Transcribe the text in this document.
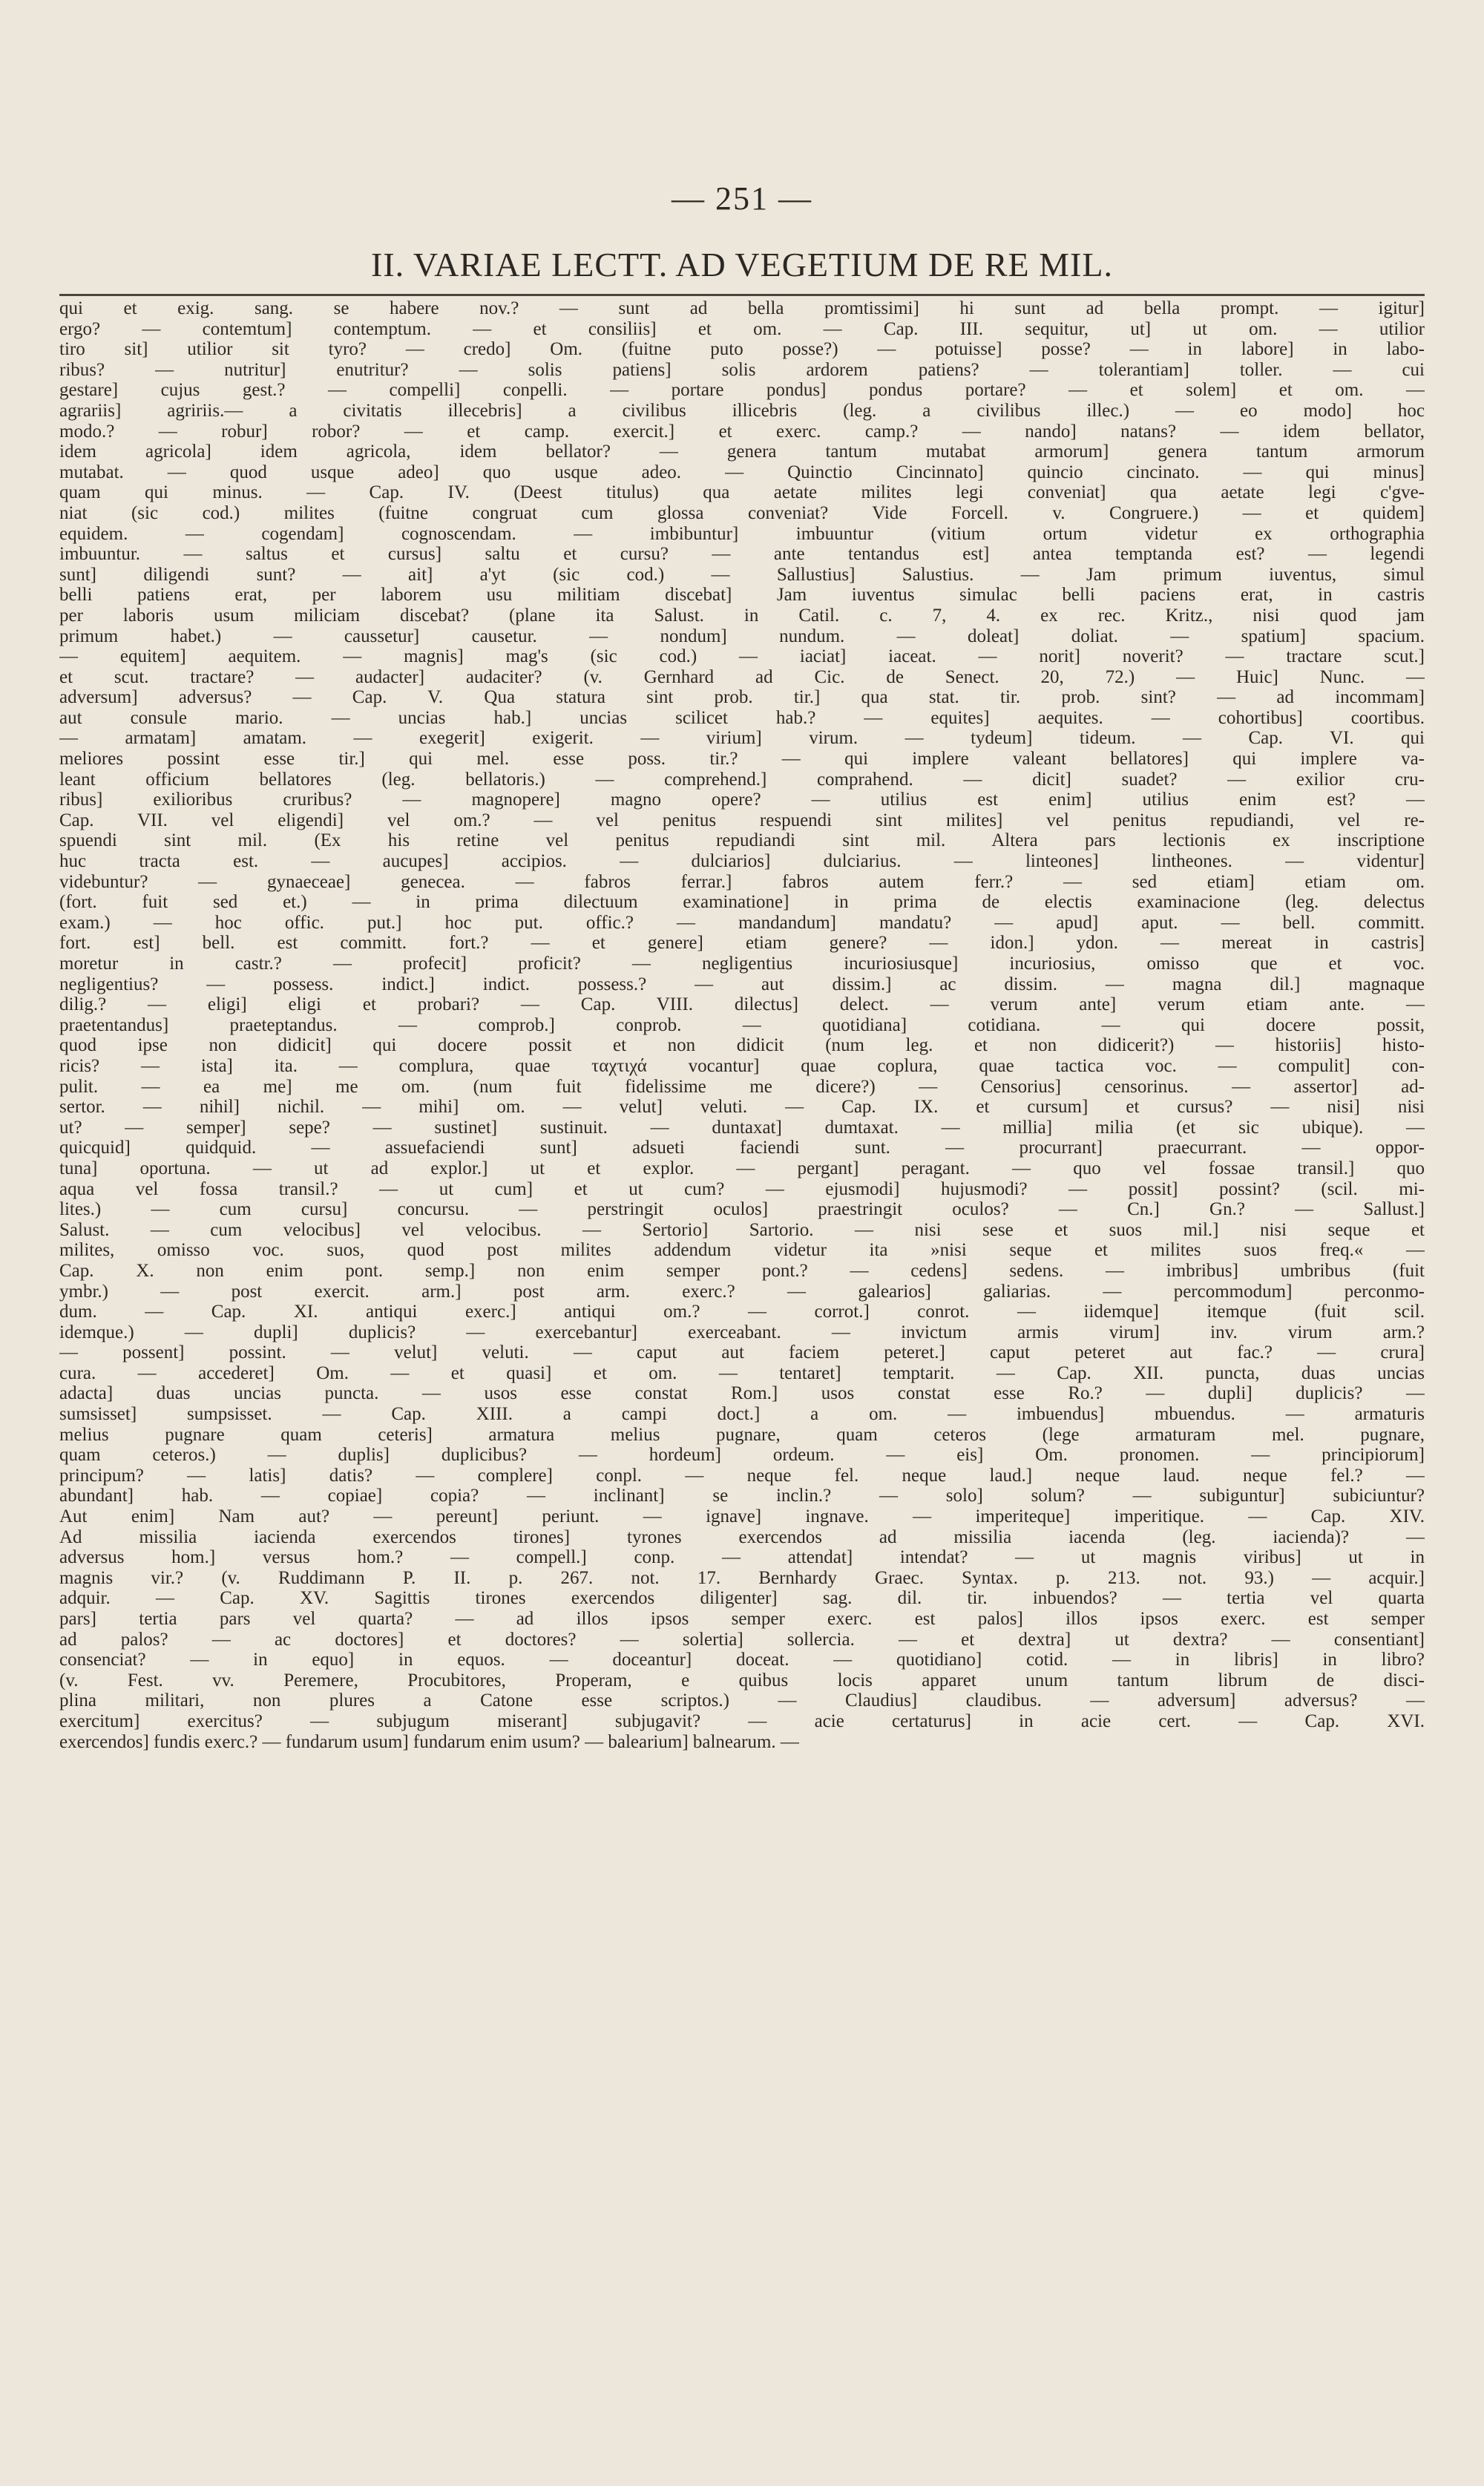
— 251 —
II. VARIAE LECTT. AD VEGETIUM DE RE MIL.
qui et exig. sang. se habere nov.? — sunt ad bella promtissimi] hi sunt ad bella prompt. — igitur]
ergo? — contemtum] contemptum. — et consiliis] et om. — Cap. III. sequitur, ut] ut om. — utilior
tiro sit] utilior sit tyro? — credo] Om. (fuitne puto posse?) — potuisse] posse? — in labore] in labo-
ribus? — nutritur] enutritur? — solis patiens] solis ardorem patiens? — tolerantiam] toller. — cui
gestare] cujus gest.? — compelli] conpelli. — portare pondus] pondus portare? — et solem] et om. —
agrariis] agririis.— a civitatis illecebris] a civilibus illicebris (leg. a civilibus illec.) — eo modo] hoc
modo.? — robur] robor? — et camp. exercit.] et exerc. camp.? — nando] natans? — idem bellator,
idem agricola] idem agricola, idem bellator? — genera tantum mutabat armorum] genera tantum armorum
mutabat. — quod usque adeo] quo usque adeo. — Quinctio Cincinnato] quincio cincinato. — qui minus]
quam qui minus. — Cap. IV. (Deest titulus) qua aetate milites legi conveniat] qua aetate legi c'gve-
niat (sic cod.) milites (fuitne congruat cum glossa conveniat? Vide Forcell. v. Congruere.) — et quidem]
equidem. — cogendam] cognoscendam. — imbibuntur] imbuuntur (vitium ortum videtur ex orthographia
imbuuntur. — saltus et cursus] saltu et cursu? — ante tentandus est] antea temptanda est? — legendi
sunt] diligendi sunt? — ait] a'yt (sic cod.) — Sallustius] Salustius. — Jam primum iuventus, simul
belli patiens erat, per laborem usu militiam discebat] Jam iuventus simulac belli paciens erat, in castris
per laboris usum miliciam discebat? (plane ita Salust. in Catil. c. 7, 4. ex rec. Kritz., nisi quod jam
primum habet.) — caussetur] causetur. — nondum] nundum. — doleat] doliat. — spatium] spacium.
— equitem] aequitem. — magnis] mag's (sic cod.) — iaciat] iaceat. — norit] noverit? — tractare scut.]
et scut. tractare? — audacter] audaciter? (v. Gernhard ad Cic. de Senect. 20, 72.) — Huic] Nunc. —
adversum] adversus? — Cap. V. Qua statura sint prob. tir.] qua stat. tir. prob. sint? — ad incommam]
aut consule mario. — uncias hab.] uncias scilicet hab.? — equites] aequites. — cohortibus] coortibus.
— armatam] amatam. — exegerit] exigerit. — virium] virum. — tydeum] tideum. — Cap. VI. qui
meliores possint esse tir.] qui mel. esse poss. tir.? — qui implere valeant bellatores] qui implere va-
leant officium bellatores (leg. bellatoris.) — comprehend.] comprahend. — dicit] suadet? — exilior cru-
ribus] exilioribus cruribus? — magnopere] magno opere? — utilius est enim] utilius enim est? —
Cap. VII. vel eligendi] vel om.? — vel penitus respuendi sint milites] vel penitus repudiandi, vel re-
spuendi sint mil. (Ex his retine vel penitus repudiandi sint mil. Altera pars lectionis ex inscriptione
huc tracta est. — aucupes] accipios. — dulciarios] dulciarius. — linteones] lintheones. — videntur]
videbuntur? — gynaeceae] genecea. — fabros ferrar.] fabros autem ferr.? — sed etiam] etiam om.
(fort. fuit sed et.) — in prima dilectuum examinatione] in prima de electis examinacione (leg. delectus
exam.) — hoc offic. put.] hoc put. offic.? — mandandum] mandatu? — apud] aput. — bell. committ.
fort. est] bell. est committ. fort.? — et genere] etiam genere? — idon.] ydon. — mereat in castris]
moretur in castr.? — profecit] proficit? — negligentius incuriosiusque] incuriosius, omisso que et voc.
negligentius? — possess. indict.] indict. possess.? — aut dissim.] ac dissim. — magna dil.] magnaque
dilig.? — eligi] eligi et probari? — Cap. VIII. dilectus] delect. — verum ante] verum etiam ante. —
praetentandus] praeteptandus. — comprob.] conprob. — quotidiana] cotidiana. — qui docere possit,
quod ipse non didicit] qui docere possit et non didicit (num leg. et non didicerit?) — historiis] histo-
ricis? — ista] ita. — complura, quae ταχτιχά vocantur] quae coplura, quae tactica voc. — compulit] con-
pulit. — ea me] me om. (num fuit fidelissime me dicere?) — Censorius] censorinus. — assertor] ad-
sertor. — nihil] nichil. — mihi] om. — velut] veluti. — Cap. IX. et cursum] et cursus? — nisi] nisi
ut? — semper] sepe? — sustinet] sustinuit. — duntaxat] dumtaxat. — millia] milia (et sic ubique). —
quicquid] quidquid. — assuefaciendi sunt] adsueti faciendi sunt. — procurrant] praecurrant. — oppor-
tuna] oportuna. — ut ad explor.] ut et explor. — pergant] peragant. — quo vel fossae transil.] quo
aqua vel fossa transil.? — ut cum] et ut cum? — ejusmodi] hujusmodi? — possit] possint? (scil. mi-
lites.) — cum cursu] concursu. — perstringit oculos] praestringit oculos? — Cn.] Gn.? — Sallust.]
Salust. — cum velocibus] vel velocibus. — Sertorio] Sartorio. — nisi sese et suos mil.] nisi seque et
milites, omisso voc. suos, quod post milites addendum videtur ita »nisi seque et milites suos freq.« —
Cap. X. non enim pont. semp.] non enim semper pont.? — cedens] sedens. — imbribus] umbribus (fuit
ymbr.) — post exercit. arm.] post arm. exerc.? — galearios] galiarias. — percommodum] perconmo-
dum. — Cap. XI. antiqui exerc.] antiqui om.? — corrot.] conrot. — iidemque] itemque (fuit scil.
idemque.) — dupli] duplicis? — exercebantur] exerceabant. — invictum armis virum] inv. virum arm.?
— possent] possint. — velut] veluti. — caput aut faciem peteret.] caput peteret aut fac.? — crura]
cura. — accederet] Om. — et quasi] et om. — tentaret] temptarit. — Cap. XII. puncta, duas uncias
adacta] duas uncias puncta. — usos esse constat Rom.] usos constat esse Ro.? — dupli] duplicis? —
sumsisset] sumpsisset. — Cap. XIII. a campi doct.] a om. — imbuendus] mbuendus. — armaturis
melius pugnare quam ceteris] armatura melius pugnare, quam ceteros (lege armaturam mel. pugnare,
quam ceteros.) — duplis] duplicibus? — hordeum] ordeum. — eis] Om. pronomen. — principiorum]
principum? — latis] datis? — complere] conpl. — neque fel. neque laud.] neque laud. neque fel.? —
abundant] hab. — copiae] copia? — inclinant] se inclin.? — solo] solum? — subiguntur] subiciuntur?
Aut enim] Nam aut? — pereunt] periunt. — ignave] ingnave. — imperiteque] imperitique. — Cap. XIV.
Ad missilia iacienda exercendos tirones] tyrones exercendos ad missilia iacenda (leg. iacienda)? —
adversus hom.] versus hom.? — compell.] conp. — attendat] intendat? — ut magnis viribus] ut in
magnis vir.? (v. Ruddimann P. II. p. 267. not. 17. Bernhardy Graec. Syntax. p. 213. not. 93.) — acquir.]
adquir. — Cap. XV. Sagittis tirones exercendos diligenter] sag. dil. tir. inbuendos? — tertia vel quarta
pars] tertia pars vel quarta? — ad illos ipsos semper exerc. est palos] illos ipsos exerc. est semper
ad palos? — ac doctores] et doctores? — solertia] sollercia. — et dextra] ut dextra? — consentiant]
consenciat? — in equo] in equos. — doceantur] doceat. — quotidiano] cotid. — in libris] in libro?
(v. Fest. vv. Peremere, Procubitores, Properam, e quibus locis apparet unum tantum librum de disci-
plina militari, non plures a Catone esse scriptos.) — Claudius] claudibus. — adversum] adversus? —
exercitum] exercitus? — subjugum miserant] subjugavit? — acie certaturus] in acie cert. — Cap. XVI.
exercendos] fundis exerc.? — fundarum usum] fundarum enim usum? — balearium] balnearum. —
